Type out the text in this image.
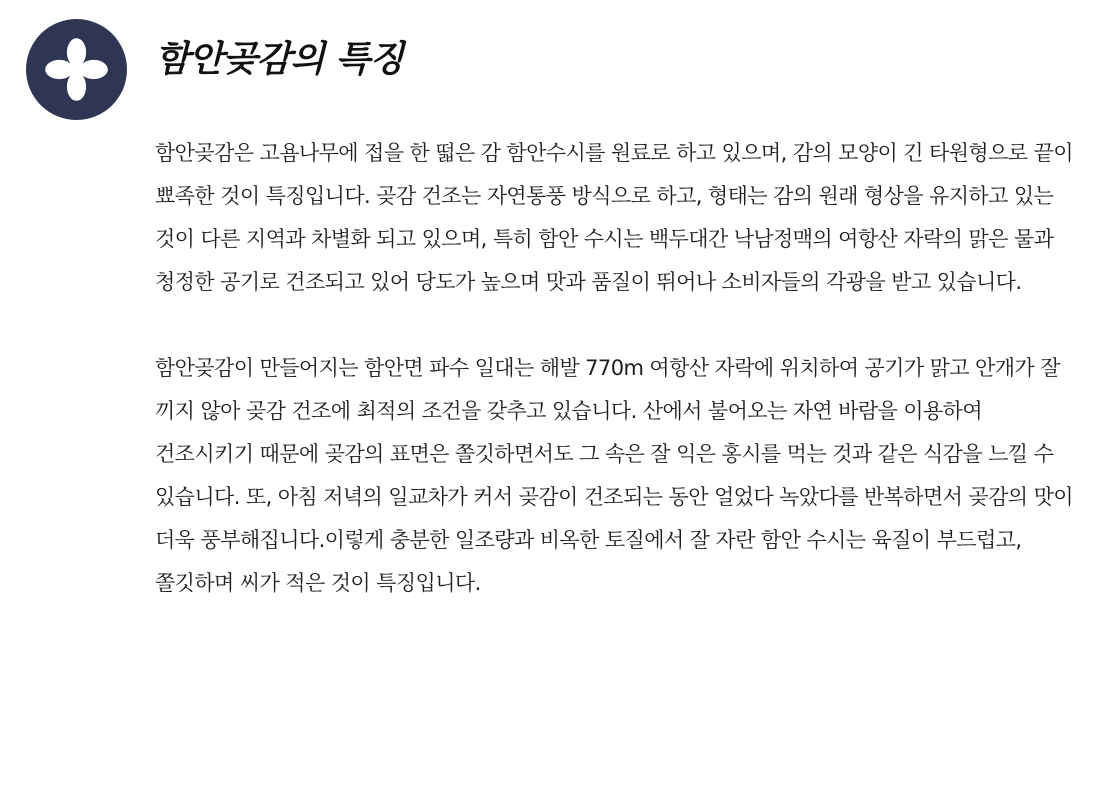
함안곶감의 특징

함안곶감은 고욤나무에 접을 한 떫은 감 함안수시를 원료로 하고 있으며, 감의 모양이 긴 타원형으로 끝이 뾰족한 것이 특징입니다. 곶감 건조는 자연통풍 방식으로 하고, 형태는 감의 원래 형상을 유지하고 있는 것이 다른 지역과 차별화 되고 있으며, 특히 함안 수시는 백두대간 낙남정맥의 여항산 자락의 맑은 물과 청정한 공기로 건조되고 있어 당도가 높으며 맛과 품질이 뛰어나 소비자들의 각광을 받고 있습니다.

함안곶감이 만들어지는 함안면 파수 일대는 해발 770m 여항산 자락에 위치하여 공기가 맑고 안개가 잘 끼지 않아 곶감 건조에 최적의 조건을 갖추고 있습니다. 산에서 불어오는 자연 바람을 이용하여 건조시키기 때문에 곶감의 표면은 쫄깃하면서도 그 속은 잘 익은 홍시를 먹는 것과 같은 식감을 느낄 수 있습니다. 또, 아침 저녁의 일교차가 커서 곶감이 건조되는 동안 얼었다 녹았다를 반복하면서 곶감의 맛이 더욱 풍부해집니다.이렇게 충분한 일조량과 비옥한 토질에서 잘 자란 함안 수시는 육질이 부드럽고, 쫄깃하며 씨가 적은 것이 특징입니다.
